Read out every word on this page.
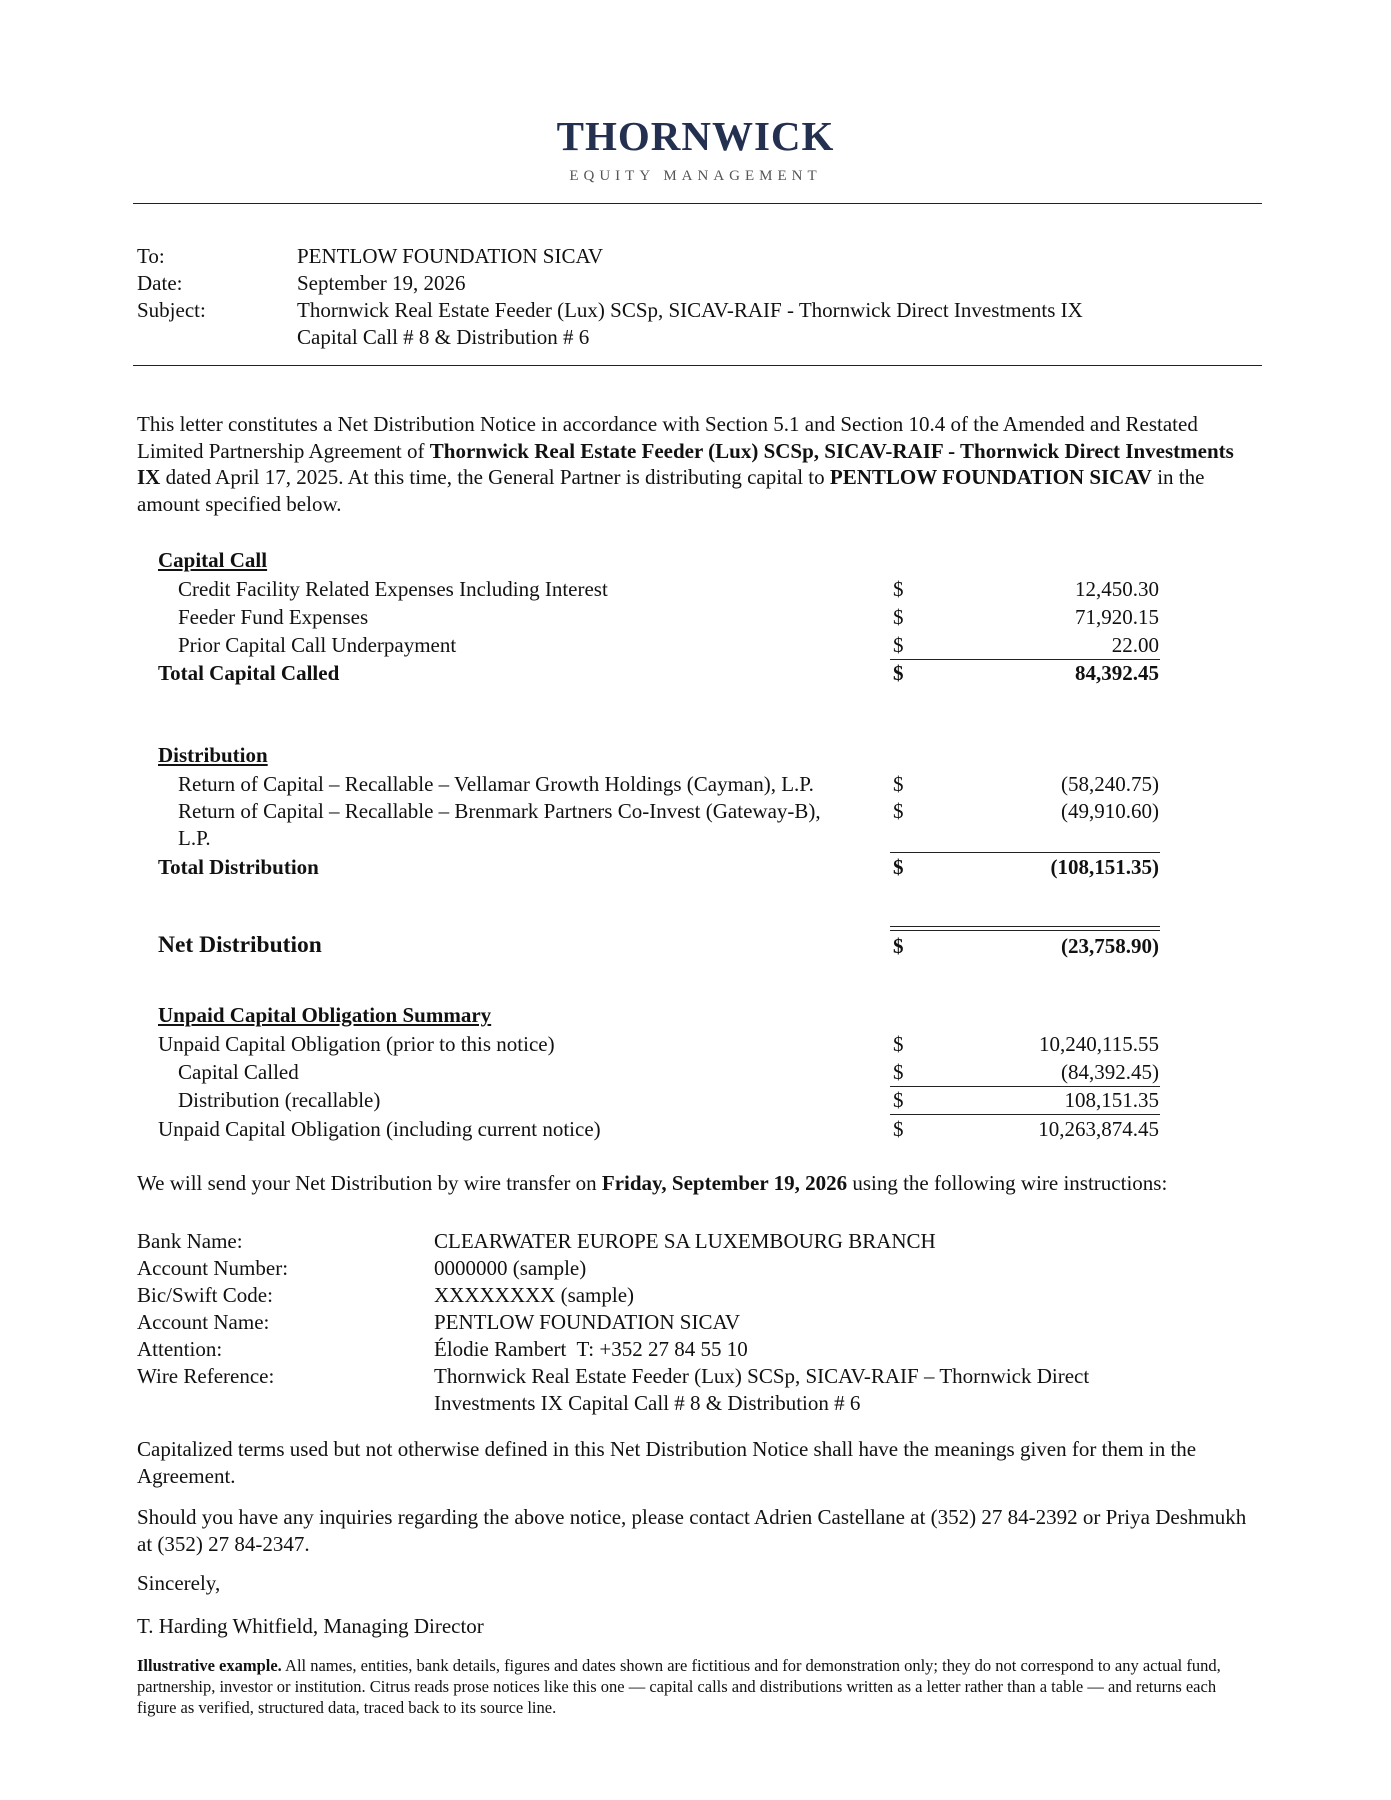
THORNWICK
EQUITY MANAGEMENT
To:	PENTLOW FOUNDATION SICAV
Date:	September 19, 2026
Subject:	Thornwick Real Estate Feeder (Lux) SCSp, SICAV-RAIF - Thornwick Direct Investments IX
Capital Call # 8 & Distribution # 6
This letter constitutes a Net Distribution Notice in accordance with Section 5.1 and Section 10.4 of the Amended and Restated Limited Partnership Agreement of Thornwick Real Estate Feeder (Lux) SCSp, SICAV-RAIF - Thornwick Direct Investments IX dated April 17, 2025. At this time, the General Partner is distributing capital to PENTLOW FOUNDATION SICAV in the amount specified below.
Capital Call
Credit Facility Related Expenses Including Interest	$	12,450.30
Feeder Fund Expenses	$	71,920.15
Prior Capital Call Underpayment	$	22.00
Total Capital Called	$	84,392.45
Distribution
Return of Capital – Recallable – Vellamar Growth Holdings (Cayman), L.P.	$	(58,240.75)
Return of Capital – Recallable – Brenmark Partners Co-Invest (Gateway-B),	$	(49,910.60)
L.P.
Total Distribution	$	(108,151.35)
Net Distribution	$	(23,758.90)
Unpaid Capital Obligation Summary
Unpaid Capital Obligation (prior to this notice)	$	10,240,115.55
Capital Called	$	(84,392.45)
Distribution (recallable)	$	108,151.35
Unpaid Capital Obligation (including current notice)	$	10,263,874.45
We will send your Net Distribution by wire transfer on Friday, September 19, 2026 using the following wire instructions:
Bank Name:	CLEARWATER EUROPE SA LUXEMBOURG BRANCH
Account Number:	0000000 (sample)
Bic/Swift Code:	XXXXXXXX (sample)
Account Name:	PENTLOW FOUNDATION SICAV
Attention:	Élodie Rambert  T: +352 27 84 55 10
Wire Reference:	Thornwick Real Estate Feeder (Lux) SCSp, SICAV-RAIF – Thornwick Direct
Investments IX Capital Call # 8 & Distribution # 6
Capitalized terms used but not otherwise defined in this Net Distribution Notice shall have the meanings given for them in the Agreement.
Should you have any inquiries regarding the above notice, please contact Adrien Castellane at (352) 27 84-2392 or Priya Deshmukh at (352) 27 84-2347.
Sincerely,
T. Harding Whitfield, Managing Director
Illustrative example. All names, entities, bank details, figures and dates shown are fictitious and for demonstration only; they do not correspond to any actual fund, partnership, investor or institution. Citrus reads prose notices like this one — capital calls and distributions written as a letter rather than a table — and returns each figure as verified, structured data, traced back to its source line.
